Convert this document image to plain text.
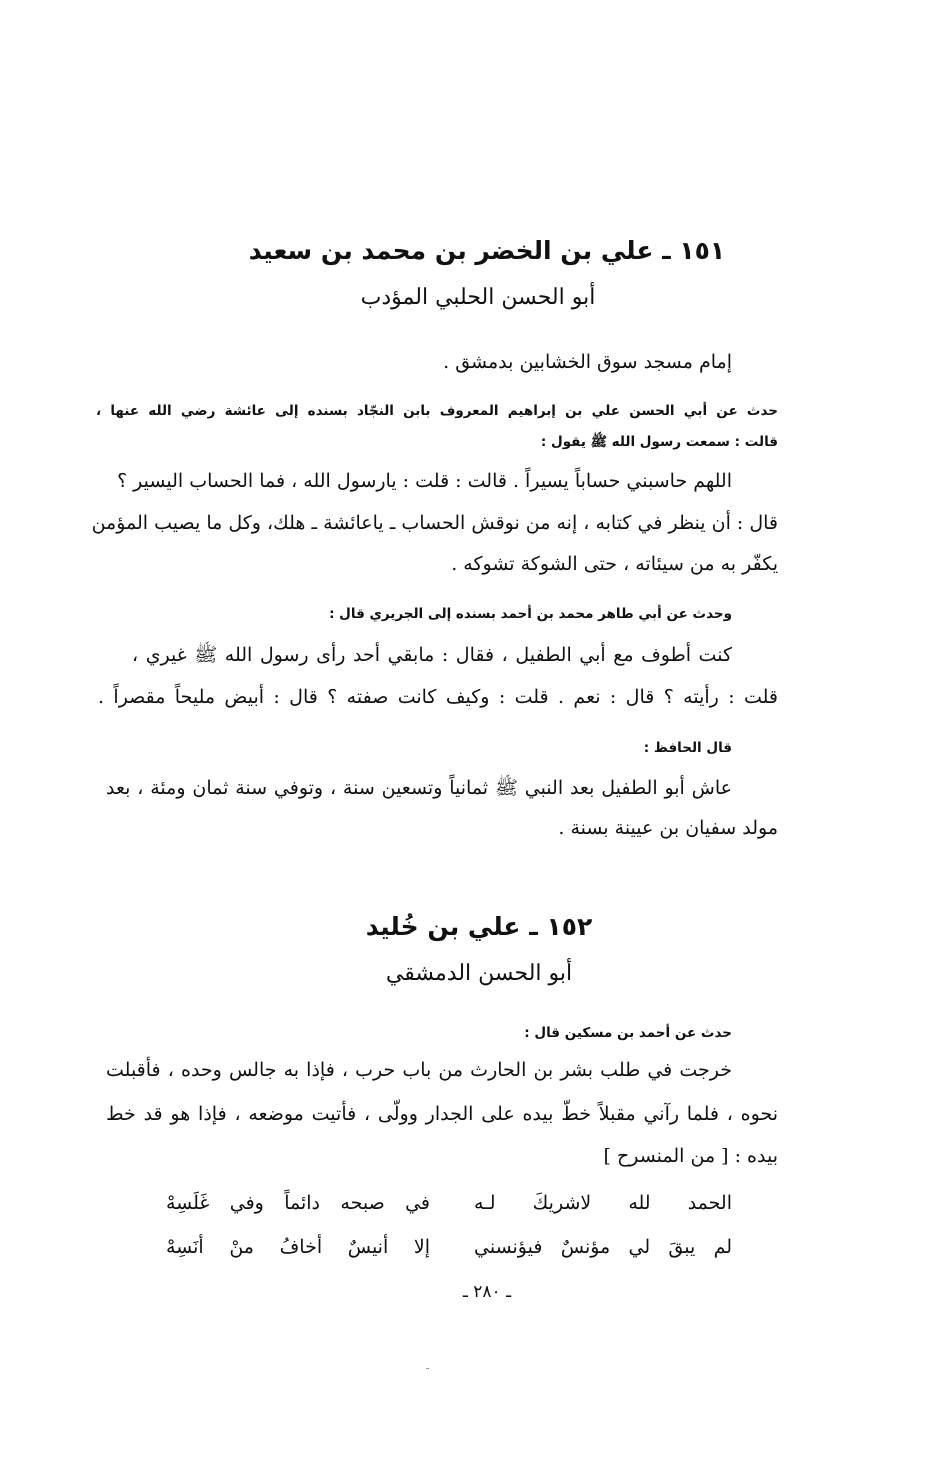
١٥١ ـ علي بن الخضر بن محمد بن سعيد
أبو الحسن الحلبي المؤدب
إمام مسجد سوق الخشابين بدمشق .
حدث عن أبي الحسن علي بن إبراهيم المعروف بابن النجّاد بسنده إلى عائشة رضي الله عنها ،
قالت : سمعت رسول الله ﷺ يقول :
اللهم حاسبني حساباً يسيراً . قالت : قلت : يارسول الله ، فما الحساب اليسير ؟
قال : أن ينظر في كتابه ، إنه من نوقش الحساب ـ ياعائشة ـ هلك، وكل ما يصيب المؤمن
يكفّر به من سيئاته ، حتى الشوكة تشوكه .
وحدث عن أبي طاهر محمد بن أحمد بسنده إلى الجريري قال :
كنت أطوف مع أبي الطفيل ، فقال : مابقي أحد رأى رسول الله ﷺ غيري ،
قلت : رأيته ؟ قال : نعم . قلت : وكيف كانت صفته ؟ قال : أبيض مليحاً مقصراً .
قال الحافظ :
عاش أبو الطفيل بعد النبي ﷺ ثمانياً وتسعين سنة ، وتوفي سنة ثمان ومئة ، بعد
مولد سفيان بن عيينة بسنة .
١٥٢ ـ علي بن خُليد
أبو الحسن الدمشقي
حدث عن أحمد بن مسكين قال :
خرجت في طلب بشر بن الحارث من باب حرب ، فإذا به جالس وحده ، فأقبلت
نحوه ، فلما رآني مقبلاً خطّ بيده على الجدار وولّى ، فأتيت موضعه ، فإذا هو قد خط
بيده : [ من المنسرح ]
الحمد لله لاشريكَ لـه
في صبحه دائماً وفي غَلَسِهْ
لم يبقَ لي مؤنسٌ فيؤنسني
إلا أنيسٌ أخافُ منْ أنَسِهْ
ـ ٢٨٠ ـ
